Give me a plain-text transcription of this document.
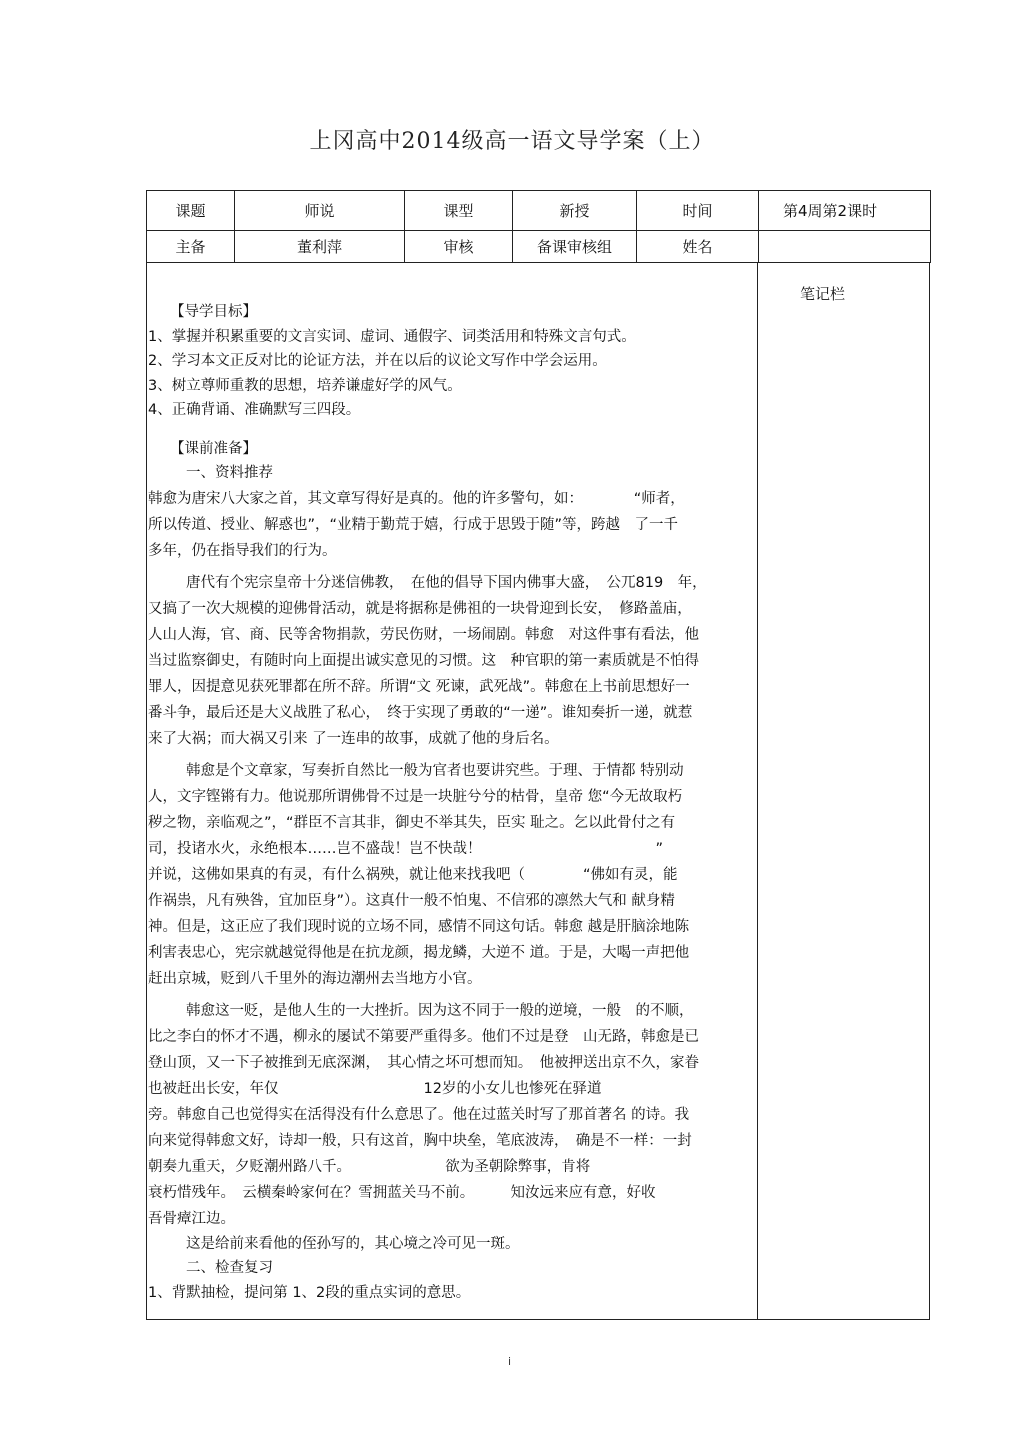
上冈高中2014级高一语文导学案（上）
课题	师说	课型	新授	时间	第4周第2课时
主备	董利萍	审核	备课审核组	姓名	
笔记栏

【导学目标】

1、掌握并积累重要的文言实词、虚词、通假字、词类活用和特殊文言句式。

2、学习本文正反对比的论证方法，并在以后的议论文写作中学会运用。

3、树立尊师重教的思想，培养谦虚好学的风气。

4、正确背诵、准确默写三四段。

【课前准备】

一、资料推荐

韩愈为唐宋八大家之首，其文章写得好是真的。他的许多警句，如：　　　　“师者，

所以传道、授业、解惑也”，“业精于勤荒于嬉，行成于思毁于随”等，跨越　了一千

多年，仍在指导我们的行为。

唐代有个宪宗皇帝十分迷信佛教，　在他的倡导下国内佛事大盛，　公兀819　年，

又搞了一次大规模的迎佛骨活动，就是将据称是佛祖的一块骨迎到长安，　修路盖庙，

人山人海，官、商、民等舍物捐款，劳民伤财，一场闹剧。韩愈　对这件事有看法，他

当过监察御史，有随时向上面提出诚实意见的习惯。这　种官职的第一素质就是不怕得

罪人，因提意见获死罪都在所不辞。所谓“文 死谏，武死战”。韩愈在上书前思想好一

番斗争，最后还是大义战胜了私心，　终于实现了勇敢的“一递”。谁知奏折一递，就惹

来了大祸；而大祸又引来 了一连串的故事，成就了他的身后名。

韩愈是个文章家，写奏折自然比一般为官者也要讲究些。于理、于情都 特别动

人，文字铿锵有力。他说那所谓佛骨不过是一块脏兮兮的枯骨，皇帝 您“今无故取朽

秽之物，亲临观之”，“群臣不言其非，御史不举其失，臣实 耻之。乞以此骨付之有

司，投诸水火，永绝根本……岂不盛哉！岂不快哉！　　　　　　　　　　　　”

并说，这佛如果真的有灵，有什么祸殃，就让他来找我吧（　　　　“佛如有灵，能

作祸祟，凡有殃咎，宜加臣身”）。这真什一般不怕鬼、不信邪的凛然大气和 献身精

神。但是，这正应了我们现时说的立场不同，感情不同这句话。韩愈 越是肝脑涂地陈

利害表忠心，宪宗就越觉得他是在抗龙颜，揭龙鳞，大逆不 道。于是，大喝一声把他

赶出京城，贬到八千里外的海边潮州去当地方小官。

韩愈这一贬，是他人生的一大挫折。因为这不同于一般的逆境，一般　的不顺，

比之李白的怀才不遇，柳永的屡试不第要严重得多。他们不过是登　山无路，韩愈是已

登山顶，又一下子被推到无底深渊，　其心情之坏可想而知。　他被押送出京不久，家眷

也被赶出长安，年仅　　　　　　　　　　12岁的小女儿也惨死在驿道

旁。韩愈自己也觉得实在活得没有什么意思了。他在过蓝关时写了那首著名 的诗。我

向来觉得韩愈文好，诗却一般，只有这首，胸中块垒，笔底波涛，　确是不一样：一封

朝奏九重天，夕贬潮州路八千。　　　　　　　欲为圣朝除弊事，肯将

衰朽惜残年。　云横秦岭家何在？雪拥蓝关马不前。　　　知汝远来应有意，好收

吾骨瘴江边。

这是给前来看他的侄孙写的，其心境之冷可见一斑。

二、检查复习

1、背默抽检，提问第 1、2段的重点实词的意思。

i
